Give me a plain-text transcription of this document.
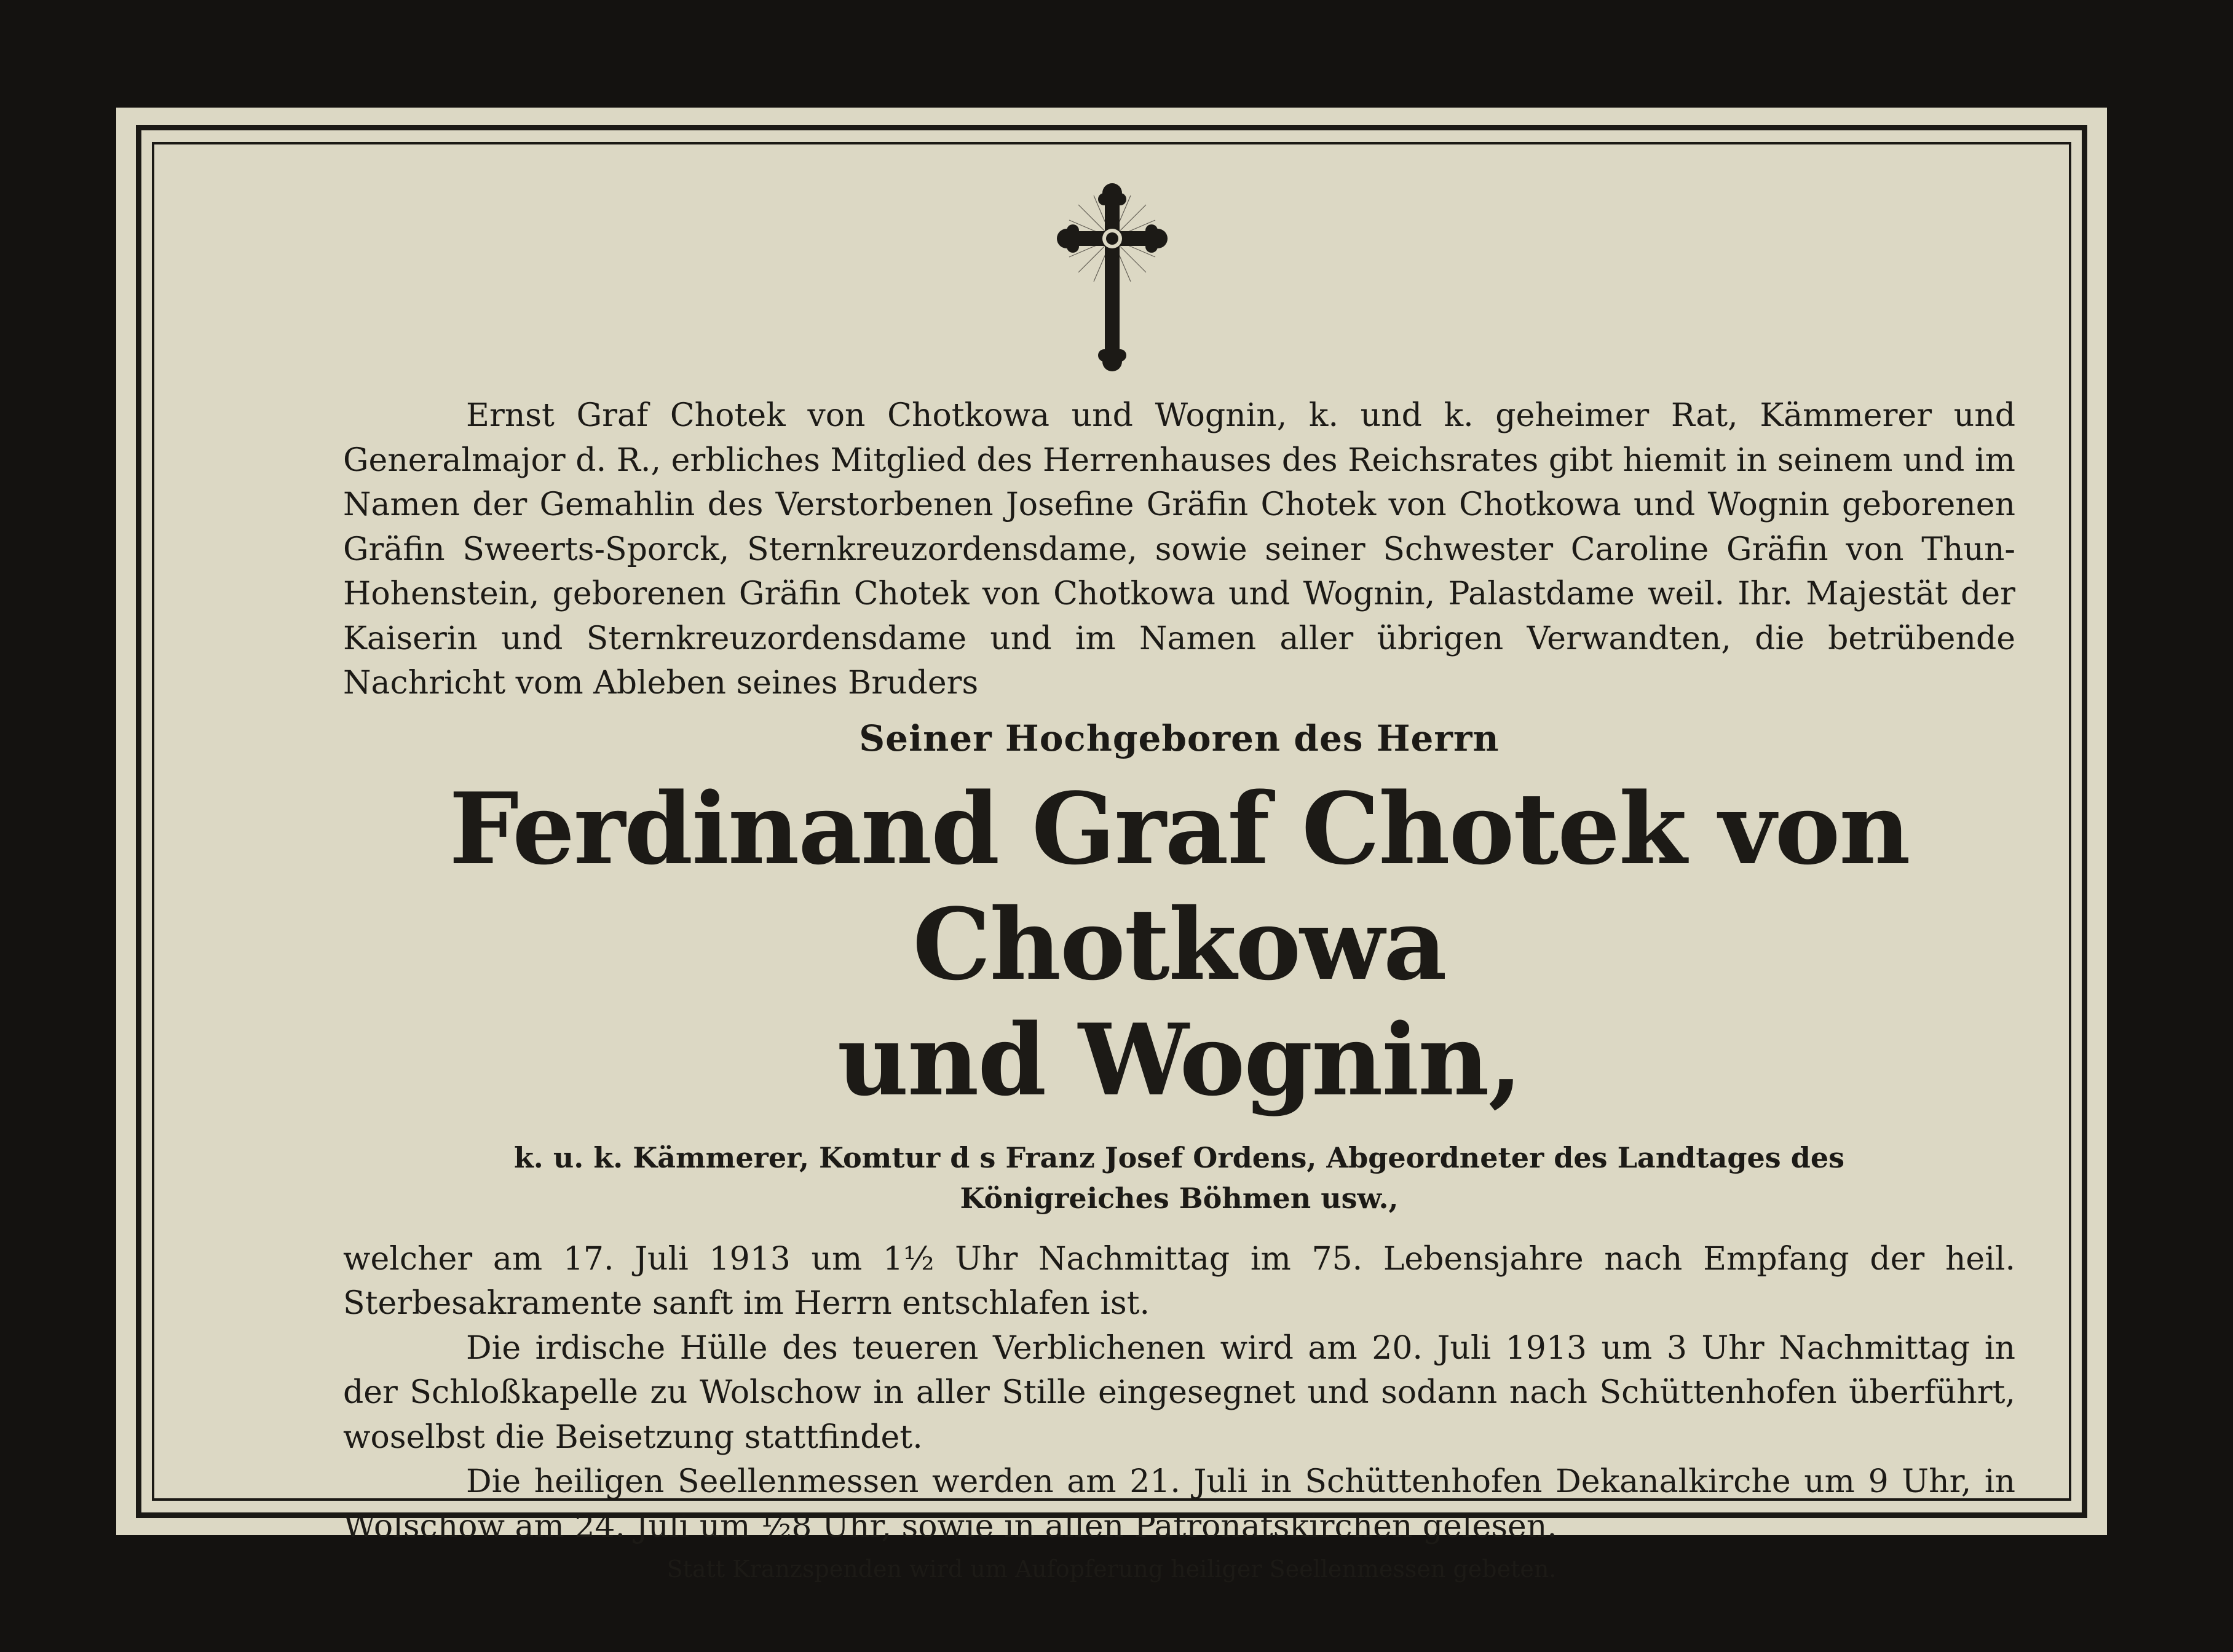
Ernst Graf Chotek von Chotkowa und Wognin, k. und k. geheimer Rat, Kämmerer und Generalmajor d. R., erbliches Mitglied des Herrenhauses des Reichsrates gibt hiemit in seinem und im Namen der Gemahlin des Verstorbenen Josefine Gräfin Chotek von Chotkowa und Wognin geborenen Gräfin Sweerts-Sporck, Sternkreuzordensdame, sowie seiner Schwester Caroline Gräfin von Thun-Hohenstein, geborenen Gräfin Chotek von Chotkowa und Wognin, Palastdame weil. Ihr. Majestät der Kaiserin und Sternkreuzordensdame und im Namen aller übrigen Verwandten, die betrübende Nachricht vom Ableben seines Bruders

Seiner Hochgeboren des Herrn

Ferdinand Graf Chotek von Chotkowa

und Wognin,

k. u. k. Kämmerer, Komtur d s Franz Josef Ordens, Abgeordneter des Landtages des Königreiches Böhmen usw.,

welcher am 17. Juli 1913 um 1½ Uhr Nachmittag im 75. Lebensjahre nach Empfang der heil. Sterbesakramente sanft im Herrn entschlafen ist.

Die irdische Hülle des teueren Verblichenen wird am 20. Juli 1913 um 3 Uhr Nachmittag in der Schloßkapelle zu Wolschow in aller Stille eingesegnet und sodann nach Schüttenhofen überführt, woselbst die Beisetzung stattfindet.

Die heiligen Seellenmessen werden am 21. Juli in Schüttenhofen Dekanalkirche um 9 Uhr, in Wolschow am 24. Juli um ½8 Uhr, sowie in allen Patronatskirchen gelesen.

Statt Kranzspenden wird um Aufopferung heiliger Seellenmessen gebeten.
